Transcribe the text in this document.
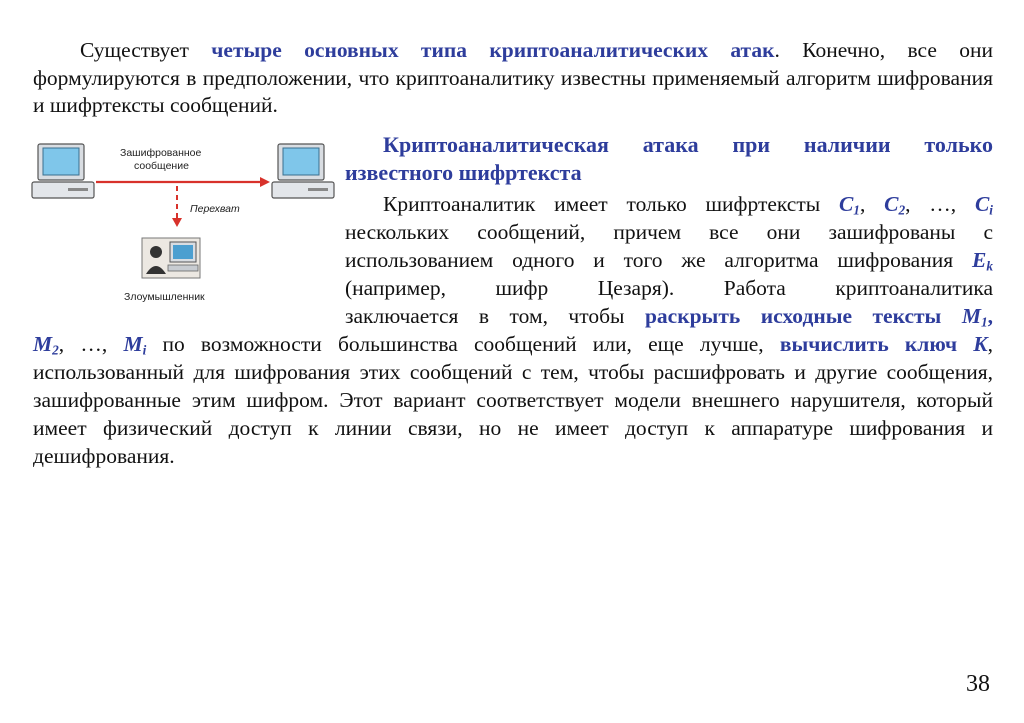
Существует четыре основных типа криптоаналитических атак. Конечно, все они формулируются в предположении, что криптоаналитику известны применяемый алгоритм шифрования и шифртексты сообщений.
Зашифрованное
сообщение
Перехват
Злоумышленник
Криптоаналитическая атака при наличии только известного шифртекста
Криптоаналитик имеет только шифртексты $C_1$, $C_2$, …, $C_i$
нескольких сообщений, причем все они зашифрованы с
использованием одного и того же алгоритма шифрования $E_k$
(например, шифр Цезаря). Работа криптоаналитика
заключается в том, чтобы раскрыть исходные тексты $M_1$,
$M_2$, …, $M_i$ по возможности большинства сообщений или, еще лучше, вычислить ключ K, использованный для шифрования этих сообщений с тем, чтобы расшифровать и другие сообщения, зашифрованные этим шифром. Этот вариант соответствует модели внешнего нарушителя, который имеет физический доступ к линии связи, но не имеет доступ к аппаратуре шифрования и дешифрования.
38
